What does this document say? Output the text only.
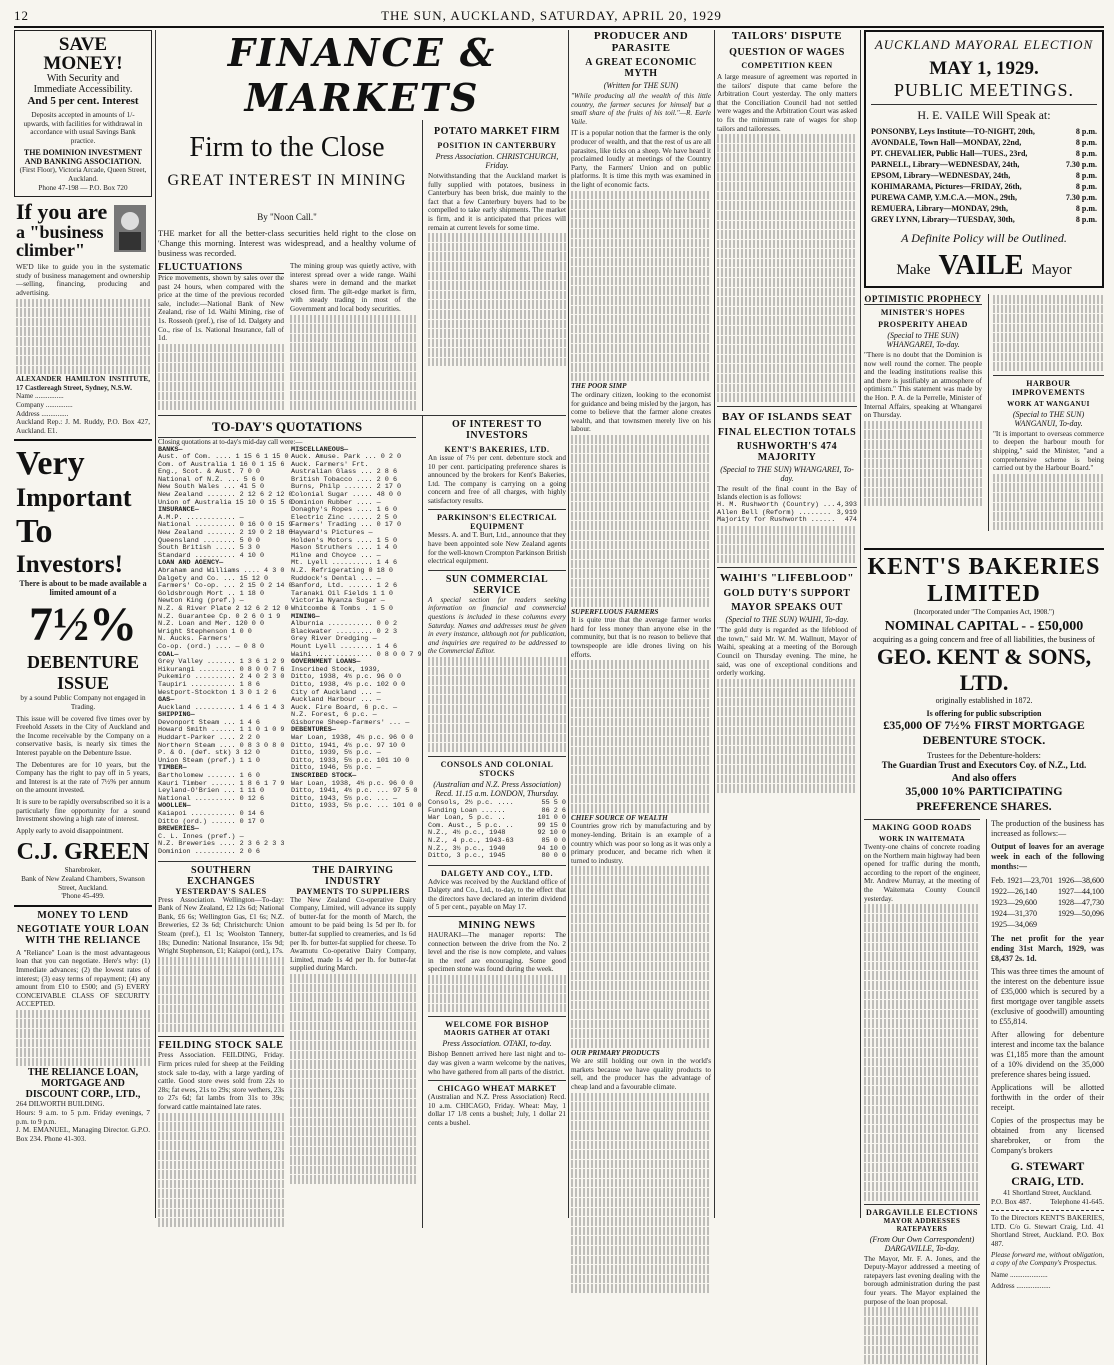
12	THE SUN, AUCKLAND, SATURDAY, APRIL 20, 1929
SAVE MONEY!
With Security and
Immediate Accessibility.
And 5 per cent. Interest
Deposits accepted in amounts of 1/- upwards, with facilities for withdrawal in accordance with usual Savings Bank practice.
THE DOMINION INVESTMENT AND BANKING ASSOCIATION.
(First Floor), Victoria Arcade, Queen Street, Auckland.
Phone 47-198 — P.O. Box 720
If you are
a "business
climber"
WE'D like to guide you in the systematic study of business management and ownership—selling, financing, producing and advertising.
ALEXANDER HAMILTON INSTITUTE, 17 Castlereagh Street, Sydney, N.S.W.
Name ................
Company ...............
Address ...............
Auckland Rep.: J. M. Ruddy, P.O. Box 427, Auckland. E1.
Very
Important
To
Investors!
There is about to be made available a limited amount of a
7½%
DEBENTURE
ISSUE
by a sound Public Company not engaged in Trading.
This issue will be covered five times over by Freehold Assets in the City of Auckland and the Income receivable by the Company on a conservative basis, is nearly six times the Interest payable on the Debenture Issue.
The Debentures are for 10 years, but the Company has the right to pay off in 5 years, and Interest is at the rate of 7½% per annum on the amount invested.
It is sure to be rapidly oversubscribed so it is a particularly fine opportunity for a sound Investment showing a high rate of interest.
Apply early to avoid disappointment.
C.J. GREEN
Sharebroker,
Bank of New Zealand Chambers, Swanson Street, Auckland.
'Phone 45-499.
MONEY TO LEND
NEGOTIATE YOUR LOAN WITH THE RELIANCE
A "Reliance" Loan is the most advantageous loan that you can negotiate. Here's why: (1) Immediate advances; (2) the lowest rates of interest; (3) easy terms of repayment; (4) any amount from £10 to £500; and (5) EVERY CONCEIVABLE CLASS OF SECURITY ACCEPTED.
THE RELIANCE LOAN, MORTGAGE AND DISCOUNT CORP., LTD.,
264 DILWORTH BUILDING.
Hours: 9 a.m. to 5 p.m. Friday evenings, 7 p.m. to 9 p.m.
J. M. EMANUEL, Managing Director. G.P.O. Box 234. Phone 41-303.
FINANCE & MARKETS
Firm to the Close
GREAT INTEREST IN MINING
By "Noon Call."
THE market for all the better-class securities held right to the close on 'Change this morning. Interest was widespread, and a healthy volume of business was recorded.
FLUCTUATIONS
Price movements, shown by sales over the past 24 hours, when compared with the price at the time of the previous recorded sale, include:—National Bank of New Zealand, rise of 1d. Waihi Mining, rise of 1s. Rosseoh (pref.), rise of 1d. Dalgety and Co., rise of 1s. National Insurance, fall of 1d.
The mining group was quietly active, with interest spread over a wide range. Waihi shares were in demand and the market closed firm. The gilt-edge market is firm, with steady trading in most of the Government and local body securities.
POTATO MARKET FIRM
POSITION IN CANTERBURY
Press Association. CHRISTCHURCH, Friday.
Notwithstanding that the Auckland market is fully supplied with potatoes, business in Canterbury has been brisk, due mainly to the fact that a few Canterbury buyers had to be compelled to take early shipments. The market is firm, and it is anticipated that prices will remain at current levels for some time.
TO-DAY'S QUOTATIONS
Closing quotations at to-day's mid-day call were:—
BANKS—
Aust. of Com. .... 1 15 6 1 15 0
Com. of Australia 1 16 0 1 15 6
Eng., Scot. & Aust. 7 0 0
National of N.Z. ... 5 6 0
New South Wales ... 41 5 0
New Zealand ....... 2 12 6 2 12 0
Union of Australia 15 10 0 15 5 0
INSURANCE—
A.M.P. ............ —
National .......... 0 16 0 0 15 9
New Zealand ....... 2 19 0 2 18 6
Queensland ........ 5 0 0
South British ..... 5 3 0
Standard .......... 4 10 0
LOAN AND AGENCY—
Abraham and Williams .... 4 3 0
Dalgety and Co. ... 15 12 0
Farmers' Co-op. ... 2 15 0 2 14 0
Goldsbrough Mort .. 1 18 0
Newton King (pref.) —
N.Z. & River Plate 2 12 6 2 12 0
N.Z. Guarantee Cp. 0 2 6 0 1 9
N.Z. Loan and Mer. 120 0 0
Wright Stephenson 1 0 0
N. Aucks. Farmers'
Co-op. (ord.) .... — 0 8 0
COAL—
Grey Valley ....... 1 3 6 1 2 9
Hikurangi ......... 0 8 0 0 7 6
Pukemiro .......... 2 4 0 2 3 0
Taupiri ........... 1 8 6
Westport-Stockton 1 3 0 1 2 6
GAS—
Auckland .......... 1 4 6 1 4 3
SHIPPING—
Devonport Steam ... 1 4 6
Howard Smith ...... 1 1 0 1 0 9
Huddart-Parker .... 2 2 0
Northern Steam .... 0 8 3 0 8 0
P. & O. (def. stk) 3 12 0
Union Steam (pref.) 1 1 0
TIMBER—
Bartholomew ....... 1 6 0
Kauri Timber ...... 1 8 6 1 7 9
Leyland-O'Brien ... 1 11 0
National .......... 0 12 6
WOOLLEN—
Kaiapoi ........... 0 14 6
Ditto (ord.) ...... 0 17 0
BREWERIES—
C. L. Innes (pref.) —
N.Z. Breweries .... 2 3 6 2 3 3
Dominion .......... 2 0 6
MISCELLANEOUS—
Auck. Amuse. Park ... 0 2 0
Auck. Farmers' Frt.
Australian Glass ... 2 8 6
British Tobacco .... 2 0 6
Burns, Philp ....... 2 17 0
Colonial Sugar ..... 48 0 0
Dominion Rubber .... —
Donaghy's Ropes .... 1 6 0
Electric Zinc ...... 2 5 0
Farmers' Trading ... 0 17 0
Hayward's Pictures —
Holden's Motors .... 1 5 0
Mason Struthers .... 1 4 0
Milne and Choyce ... —
Mt. Lyell .......... 1 4 6
N.Z. Refrigerating 0 18 0
Ruddock's Dental ... —
Sanford, Ltd. ...... 1 2 6
Taranaki Oil Fields 1 1 0
Victoria Nyanza Sugar —
Whitcombe & Tombs . 1 5 0
MINING—
Alburnia ........... 0 0 2
Blackwater ......... 0 2 3
Grey River Dredging —
Mount Lyell ........ 1 4 6
Waihi .............. 0 8 0 0 7 9
GOVERNMENT LOANS—
Inscribed Stock, 1939,
Ditto, 1938, 4½ p.c. 96 0 0
Ditto, 1938, 4½ p.c. 102 0 0
City of Auckland ... —
Auckland Harbour ... —
Auck. Fire Board, 6 p.c. —
N.Z. Forest, 6 p.c. —
Gisborne Sheep-farmers' ... —
DEBENTURES—
War Loan, 1938, 4½ p.c. 96 0 0
Ditto, 1941, 4½ p.c. 97 10 0
Ditto, 1939, 5½ p.c. —
Ditto, 1933, 5½ p.c. 101 10 0
Ditto, 1946, 5½ p.c. —
INSCRIBED STOCK—
War Loan, 1938, 4½ p.c. 96 0 0
Ditto, 1941, 4½ p.c. ... 97 5 0
Ditto, 1943, 5½ p.c. ... —
Ditto, 1933, 5½ p.c. ... 101 0 0
SOUTHERN EXCHANGES
YESTERDAY'S SALES
Press Association. Wellington—To-day: Bank of New Zealand, £2 12s 6d; National Bank, £6 6s; Wellington Gas, £1 6s; N.Z. Breweries, £2 3s 6d; Christchurch: Union Steam (pref.), £1 1s; Woolston Tannery, 18s; Dunedin: National Insurance, 15s 9d; Wright Stephenson, £1; Kaiapoi (ord.), 17s.
FEILDING STOCK SALE
Press Association. FEILDING, Friday. Firm prices ruled for sheep at the Feilding stock sale to-day, with a large yarding of cattle. Good store ewes sold from 22s to 28s; fat ewes, 21s to 29s; store wethers, 23s to 27s 6d; fat lambs from 31s to 39s; forward cattle maintained late rates.
THE DAIRYING INDUSTRY
PAYMENTS TO SUPPLIERS
The New Zealand Co-operative Dairy Company, Limited, will advance its supply of butter-fat for the month of March, the amount to be paid being 1s 5d per lb. for butter-fat supplied to creameries, and 1s 6d per lb. for butter-fat supplied for cheese. To Awamutu Co-operative Dairy Company, Limited, made 1s 4d per lb. for butter-fat supplied during March.
OF INTEREST TO INVESTORS
KENT'S BAKERIES, LTD.
An issue of 7½ per cent. debenture stock and 10 per cent. participating preference shares is announced by the brokers for Kent's Bakeries, Ltd. The company is carrying on a going concern and free of all charges, with highly satisfactory results.
PARKINSON'S ELECTRICAL EQUIPMENT
Messrs. A. and T. Burt, Ltd., announce that they have been appointed sole New Zealand agents for the well-known Crompton Parkinson British electrical equipment.
SUN COMMERCIAL SERVICE
A special section for readers seeking information on financial and commercial questions is included in these columns every Saturday. Names and addresses must be given in every instance, although not for publication, and inquiries are required to be addressed to the Commercial Editor.
CONSOLS AND COLONIAL STOCKS
(Australian and N.Z. Press Association) Recd. 11.15 a.m. LONDON, Thursday.
Consols, 2½ p.c. ....	55 5 0
Funding Loan ......	86 2 6
War Loan, 5 p.c. ..	101 0 0
Com. Aust., 5 p.c. ..	99 15 0
N.Z., 4½ p.c., 1948	92 10 0
N.Z., 4 p.c., 1943-63	85 0 0
N.Z., 3½ p.c., 1940	94 10 0
Ditto, 3 p.c., 1945	80 0 0
DALGETY AND COY., LTD.
Advice was received by the Auckland office of Dalgety and Co., Ltd., to-day, to the effect that the directors have declared an interim dividend of 5 per cent., payable on May 17.
MINING NEWS
HAURAKI—The manager reports: The connection between the drive from the No. 2 level and the rise is now complete, and values in the reef are encouraging. Some good specimen stone was found during the week.
WELCOME FOR BISHOP
MAORIS GATHER AT OTAKI
Press Association. OTAKI, to-day.
Bishop Bennett arrived here last night and to-day was given a warm welcome by the natives, who have gathered from all parts of the district.
CHICAGO WHEAT MARKET
(Australian and N.Z. Press Association) Recd. 10 a.m. CHICAGO, Friday. Wheat: May, 1 dollar 17 1/8 cents a bushel; July, 1 dollar 21 cents a bushel.
PRODUCER AND PARASITE
A GREAT ECONOMIC MYTH
(Written for THE SUN)
"While producing all the wealth of this little country, the farmer secures for himself but a small share of the fruits of his toil."—R. Earle Vaile.
IT is a popular notion that the farmer is the only producer of wealth, and that the rest of us are all parasites, like ticks on a sheep. We have heard it proclaimed loudly at meetings of the Country Party, the Farmers' Union and on public platforms. It is time this myth was examined in the light of economic facts.
THE POOR SIMP
The ordinary citizen, looking to the economist for guidance and being misled by the jargon, has come to believe that the farmer alone creates wealth, and that townsmen merely live on his labour.
SUPERFLUOUS FARMERS
It is quite true that the average farmer works hard for less money than anyone else in the community, but that is no reason to believe that townspeople are idle drones living on his efforts.
CHIEF SOURCE OF WEALTH
Countries grow rich by manufacturing and by money-lending. Britain is an example of a country which was poor so long as it was only a primary producer, and became rich when it turned to industry.
OUR PRIMARY PRODUCTS
We are still holding our own in the world's markets because we have quality products to sell, and the producer has the advantage of cheap land and a favourable climate.
TAILORS' DISPUTE
QUESTION OF WAGES
COMPETITION KEEN
A large measure of agreement was reported in the tailors' dispute that came before the Arbitration Court yesterday. The only matters that the Conciliation Council had not settled were wages and the Arbitration Court was asked to fix the minimum rate of wages for shop tailors and tailoresses.
BAY OF ISLANDS SEAT
FINAL ELECTION TOTALS
RUSHWORTH'S 474 MAJORITY
(Special to THE SUN) WHANGAREI, To-day.
The result of the final count in the Bay of Islands election is as follows:
H. M. Rushworth (Country) ... 4,393
Allen Bell (Reform) ........ 3,919
Majority for Rushworth ...... 474
WAIHI'S "LIFEBLOOD"
GOLD DUTY'S SUPPORT
MAYOR SPEAKS OUT
(Special to THE SUN) WAIHI, To-day.
"The gold duty is regarded as the lifeblood of the town," said Mr. W. M. Wallnutt, Mayor of Waihi, speaking at a meeting of the Borough Council on Thursday evening. The mine, he said, was one of exceptional conditions and orderly working.
AUCKLAND MAYORAL ELECTION
MAY 1, 1929.
PUBLIC MEETINGS.
H. E. VAILE Will Speak at:
PONSONBY, Leys Institute—TO-NIGHT, 20th,	8 p.m.
AVONDALE, Town Hall—MONDAY, 22nd,	8 p.m.
PT. CHEVALIER, Public Hall—TUES., 23rd,	8 p.m.
PARNELL, Library—WEDNESDAY, 24th,	7.30 p.m.
EPSOM, Library—WEDNESDAY, 24th,	8 p.m.
KOHIMARAMA, Pictures—FRIDAY, 26th,	8 p.m.
PUREWA CAMP, Y.M.C.A.—MON., 29th,	7.30 p.m.
REMUERA, Library—MONDAY, 29th,	8 p.m.
GREY LYNN, Library—TUESDAY, 30th,	8 p.m.
A Definite Policy will be Outlined.
Make VAILE Mayor
OPTIMISTIC PROPHECY
MINISTER'S HOPES
PROSPERITY AHEAD
(Special to THE SUN) WHANGAREI, To-day.
"There is no doubt that the Dominion is now well round the corner. The people and the leading institutions realise this and there is justifiably an atmosphere of optimism." This statement was made by the Hon. P. A. de la Perrelle, Minister of Internal Affairs, speaking at Whangarei on Thursday.
HARBOUR IMPROVEMENTS
WORK AT WANGANUI
(Special to THE SUN) WANGANUI, To-day.
"It is important to overseas commerce to deepen the harbour mouth for shipping," said the Minister, "and a comprehensive scheme is being carried out by the Harbour Board."
KENT'S BAKERIES LIMITED
(Incorporated under "The Companies Act, 1908.")
NOMINAL CAPITAL - - £50,000
acquiring as a going concern and free of all liabilities, the business of
GEO. KENT & SONS, LTD.
originally established in 1872.
Is offering for public subscription
£35,000 OF 7½% FIRST MORTGAGE DEBENTURE STOCK.
Trustees for the Debenture-holders:
The Guardian Trust and Executors Coy. of N.Z., Ltd.
And also offers
35,000 10% PARTICIPATING PREFERENCE SHARES.
MAKING GOOD ROADS
WORK IN WAITEMATA
Twenty-one chains of concrete roading on the Northern main highway had been opened for traffic during the month, according to the report of the engineer, Mr. Andrew Murray, at the meeting of the Waitemata County Council yesterday.
DARGAVILLE ELECTIONS
MAYOR ADDRESSES RATEPAYERS
(From Our Own Correspondent) DARGAVILLE, To-day.
The Mayor, Mr. F. A. Jones, and the Deputy-Mayor addressed a meeting of ratepayers last evening dealing with the borough administration during the past four years. The Mayor explained the purpose of the loan proposal.
The production of the business has increased as follows:—
Output of loaves for an average week in each of the following months:—
Feb. 1921—23,701 1926—38,600
1922—26,140	1927—44,100
1923—29,600	1928—47,730
1924—31,370	1929—50,096
1925—34,069
The net profit for the year ending 31st March, 1929, was £8,437 2s. 1d.
This was three times the amount of the interest on the debenture issue of £35,000 which is secured by a first mortgage over tangible assets (exclusive of goodwill) amounting to £55,814.
After allowing for debenture interest and income tax the balance was £1,185 more than the amount of a 10% dividend on the 35,000 preference shares being issued.
Applications will be allotted forthwith in the order of their receipt.
Copies of the prospectus may be obtained from any licensed sharebroker, or from the Company's brokers
G. STEWART CRAIG, LTD.
41 Shortland Street, Auckland.
P.O. Box 487.	Telephone 41-645.
To the Directors KENT'S BAKERIES, LTD. C/o G. Stewart Craig, Ltd. 41 Shortland Street, Auckland. P.O. Box 487.
Please forward me, without obligation, a copy of the Company's Prospectus.
Name .....................
Address ...................
